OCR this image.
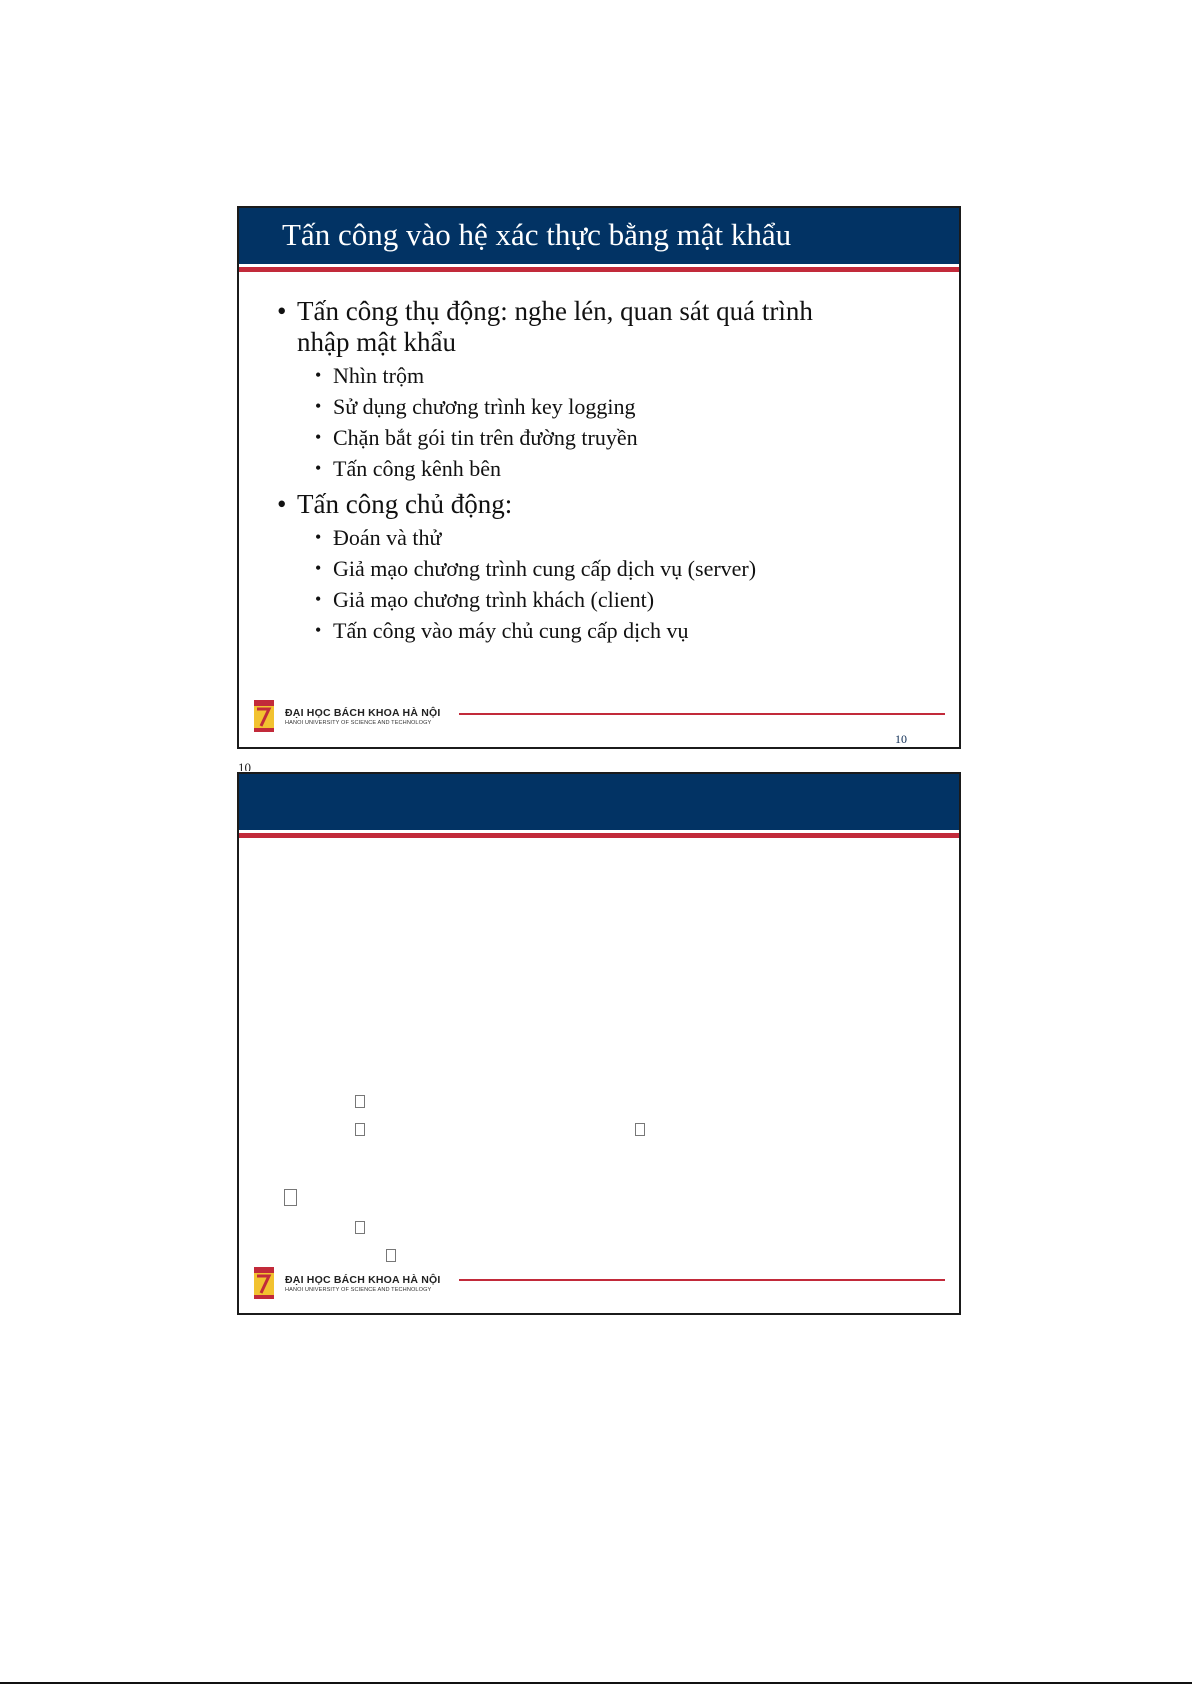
Tấn công vào hệ xác thực bằng mật khẩu
• Tấn công thụ động: nghe lén, quan sát quá trình
nhập mật khẩu
• Nhìn trộm
• Sử dụng chương trình key logging
• Chặn bắt gói tin trên đường truyền
• Tấn công kênh bên
• Tấn công chủ động:
• Đoán và thử
• Giả mạo chương trình cung cấp dịch vụ (server)
• Giả mạo chương trình khách (client)
• Tấn công vào máy chủ cung cấp dịch vụ
ĐẠI HỌC BÁCH KHOA HÀ NỘI
HANOI UNIVERSITY OF SCIENCE AND TECHNOLOGY
10
10
ĐẠI HỌC BÁCH KHOA HÀ NỘI
HANOI UNIVERSITY OF SCIENCE AND TECHNOLOGY
